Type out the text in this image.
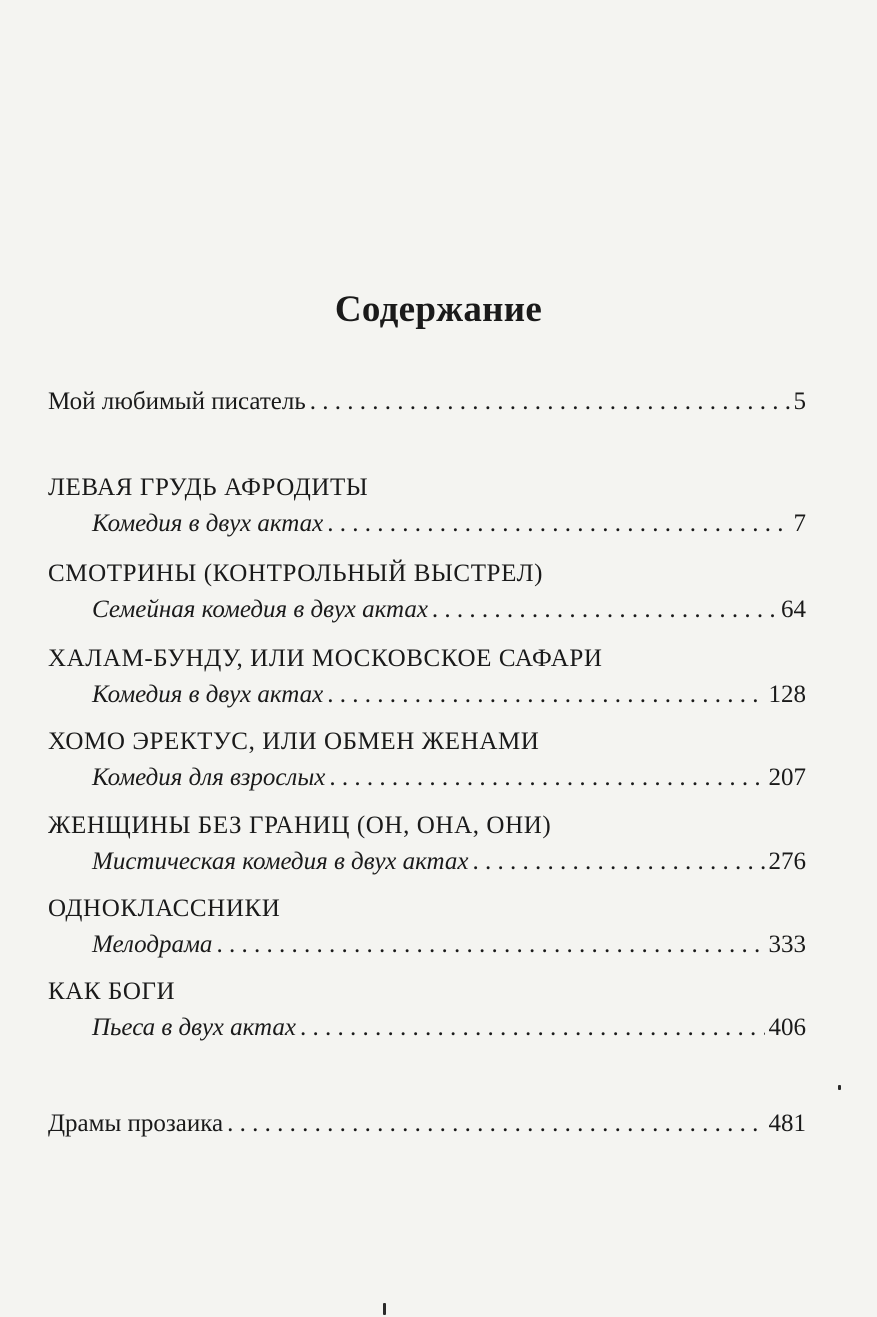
Содержание
Мой любимый писатель . . .	5
ЛЕВАЯ ГРУДЬ АФРОДИТЫ
Комедия в двух актах . . .	7
СМОТРИНЫ (КОНТРОЛЬНЫЙ ВЫСТРЕЛ)
Семейная комедия в двух актах . . .	64
ХАЛАМ-БУНДУ, ИЛИ МОСКОВСКОЕ САФАРИ
Комедия в двух актах . . .	128
ХОМО ЭРЕКТУС, ИЛИ ОБМЕН ЖЕНАМИ
Комедия для взрослых . . .	207
ЖЕНЩИНЫ БЕЗ ГРАНИЦ (ОН, ОНА, ОНИ)
Мистическая комедия в двух актах . . .	276
ОДНОКЛАССНИКИ
Мелодрама . . .	333
КАК БОГИ
Пьеса в двух актах . . .	406
Драмы прозаика . . .	481
